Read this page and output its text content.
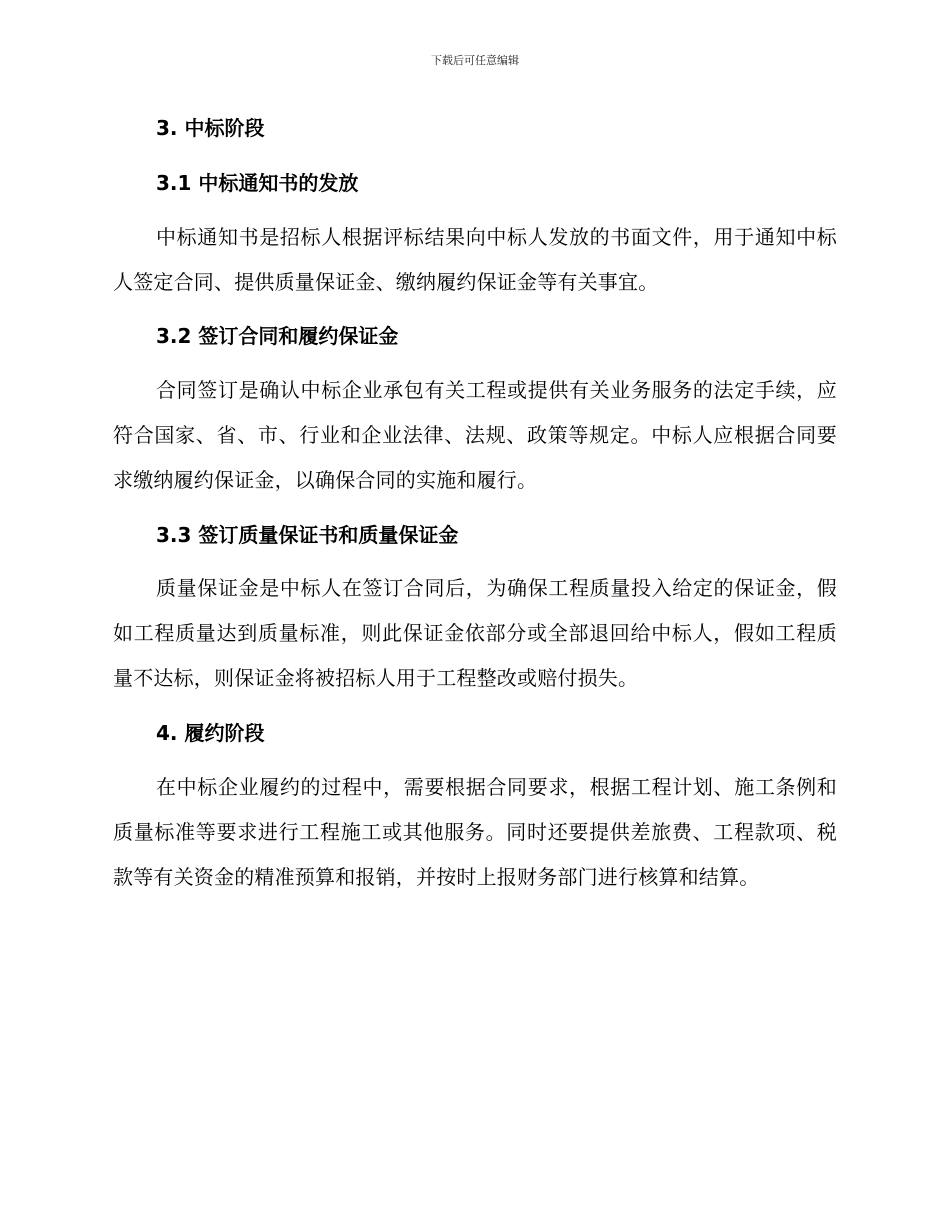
下载后可任意编辑
3. 中标阶段
3.1 中标通知书的发放
中标通知书是招标人根据评标结果向中标人发放的书面文件，用于通知中标人签定合同、提供质量保证金、缴纳履约保证金等有关事宜。
3.2 签订合同和履约保证金
合同签订是确认中标企业承包有关工程或提供有关业务服务的法定手续，应符合国家、省、市、行业和企业法律、法规、政策等规定。中标人应根据合同要求缴纳履约保证金，以确保合同的实施和履行。
3.3 签订质量保证书和质量保证金
质量保证金是中标人在签订合同后，为确保工程质量投入给定的保证金，假如工程质量达到质量标准，则此保证金依部分或全部退回给中标人，假如工程质量不达标，则保证金将被招标人用于工程整改或赔付损失。
4. 履约阶段
在中标企业履约的过程中，需要根据合同要求，根据工程计划、施工条例和质量标准等要求进行工程施工或其他服务。同时还要提供差旅费、工程款项、税款等有关资金的精准预算和报销，并按时上报财务部门进行核算和结算。
